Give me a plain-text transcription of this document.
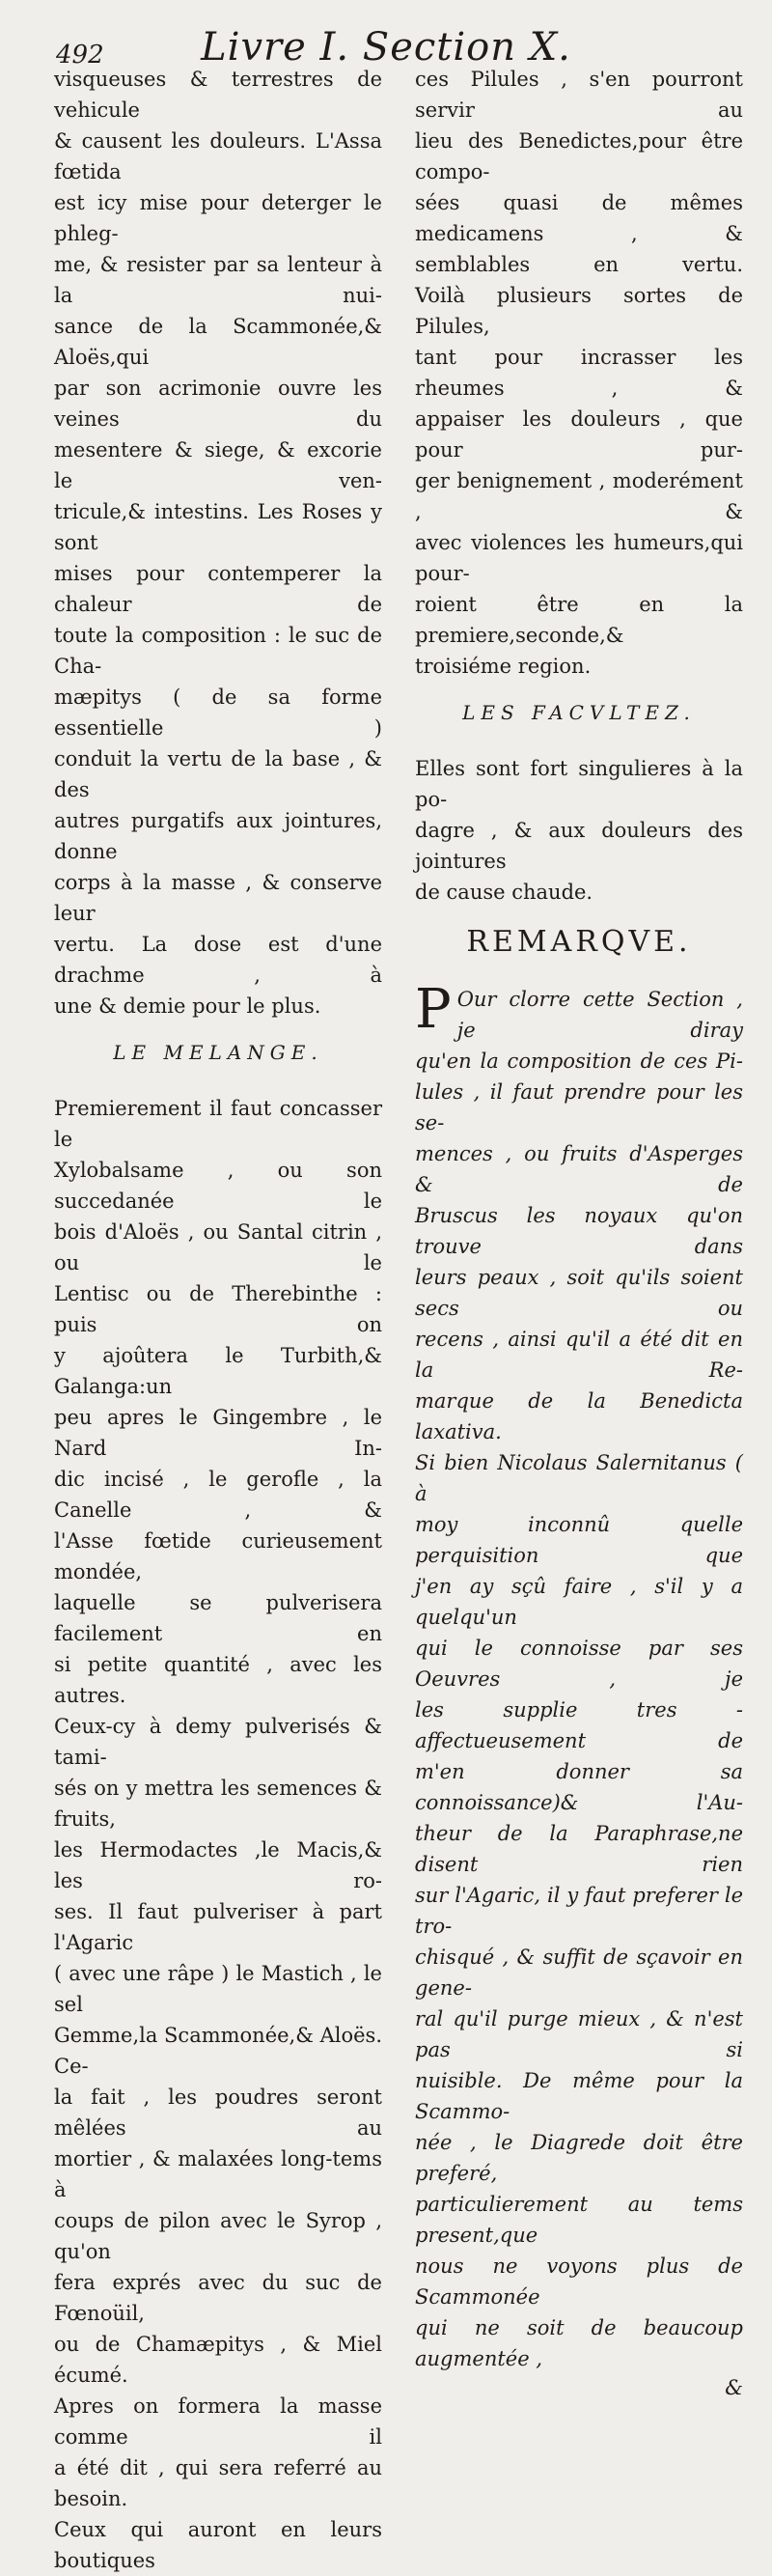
492	Livre I. Section X.

visqueuses & terrestres de vehicule

& causent les douleurs. L'Assa fœtida

est icy mise pour deterger le phleg-

me, & resister par sa lenteur à la nui-

sance de la Scammonée,& Aloës,qui

par son acrimonie ouvre les veines du

mesentere & siege, & excorie le ven-

tricule,& intestins. Les Roses y sont

mises pour contemperer la chaleur de

toute la composition : le suc de Cha-

mæpitys ( de sa forme essentielle )

conduit la vertu de la base , & des

autres purgatifs aux jointures, donne

corps à la masse , & conserve leur

vertu. La dose est d'une drachme , à

une & demie pour le plus.

LE MELANGE.

Premierement il faut concasser le

Xylobalsame , ou son succedanée le

bois d'Aloës , ou Santal citrin , ou le

Lentisc ou de Therebinthe : puis on

y ajoûtera le Turbith,& Galanga:un

peu apres le Gingembre , le Nard In-

dic incisé , le gerofle , la Canelle , &

l'Asse fœtide curieusement mondée,

laquelle se pulverisera facilement en

si petite quantité , avec les autres.

Ceux-cy à demy pulverisés & tami-

sés on y mettra les semences & fruits,

les Hermodactes ,le Macis,& les ro-

ses. Il faut pulveriser à part l'Agaric

( avec une râpe ) le Mastich , le sel

Gemme,la Scammonée,& Aloës. Ce-

la fait , les poudres seront mêlées au

mortier , & malaxées long-tems à

coups de pilon avec le Syrop , qu'on

fera exprés avec du suc de Fœnoüil,

ou de Chamæpitys , & Miel écumé.

Apres on formera la masse comme il

a été dit , qui sera referré au besoin.

Ceux qui auront en leurs boutiques

ces Pilules , s'en pourront servir au

lieu des Benedictes,pour être compo-

sées quasi de mêmes medicamens , &

semblables en vertu.

Voilà plusieurs sortes de Pilules,

tant pour incrasser les rheumes , &

appaiser les douleurs , que pour pur-

ger benignement , moderément , &

avec violences les humeurs,qui pour-

roient être en la premiere,seconde,&

troisiéme region.

LES FACVLTEZ.

Elles sont fort singulieres à la po-

dagre , & aux douleurs des jointures

de cause chaude.

REMARQVE.
P Our clorre cette Section , je diray

qu'en la composition de ces Pi-

lules , il faut prendre pour les se-

mences , ou fruits d'Asperges & de

Bruscus les noyaux qu'on trouve dans

leurs peaux , soit qu'ils soient secs ou

recens , ainsi qu'il a été dit en la Re-

marque de la Benedicta laxativa.

Si bien Nicolaus Salernitanus ( à

moy inconnû quelle perquisition que

j'en ay sçû faire , s'il y a quelqu'un

qui le connoisse par ses Oeuvres , je

les supplie tres - affectueusement de

m'en donner sa connoissance)& l'Au-

theur de la Paraphrase,ne disent rien

sur l'Agaric, il y faut preferer le tro-

chisqué , & suffit de sçavoir en gene-

ral qu'il purge mieux , & n'est pas si

nuisible. De même pour la Scammo-

née , le Diagrede doit être preferé,

particulierement au tems present,que

nous ne voyons plus de Scammonée

qui ne soit de beaucoup augmentée ,

&
